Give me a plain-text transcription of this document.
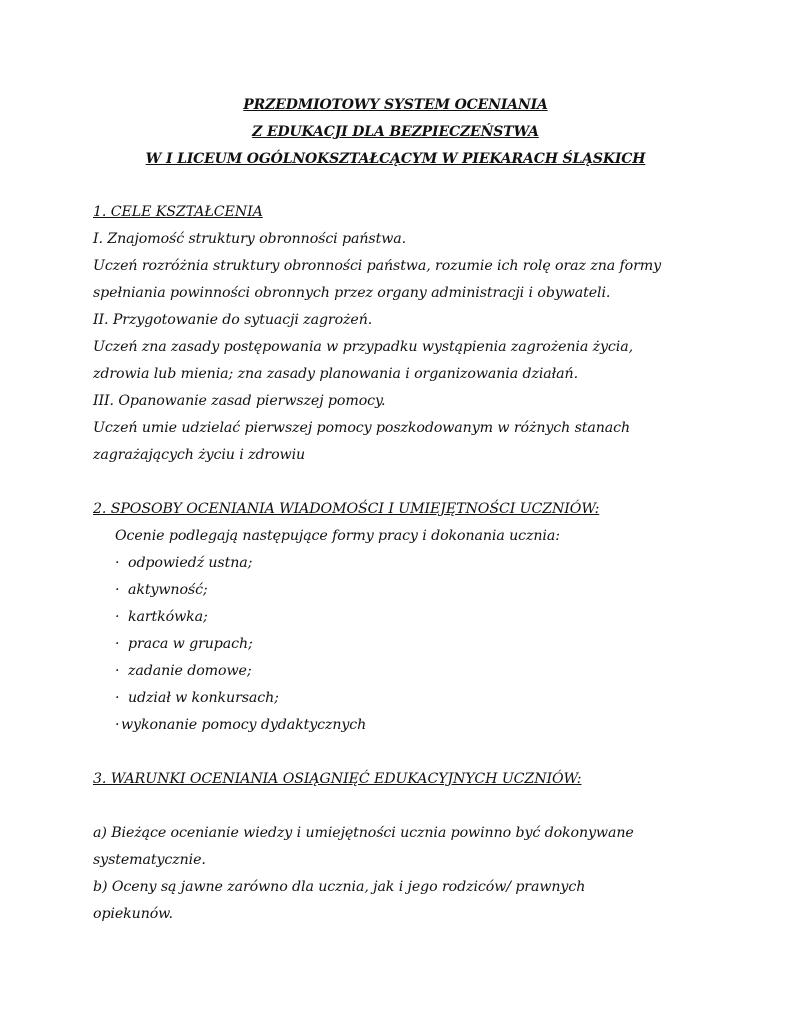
PRZEDMIOTOWY SYSTEM OCENIANIA
Z EDUKACJI DLA BEZPIECZEŃSTWA
W I LICEUM OGÓLNOKSZTAŁCĄCYM W PIEKARACH ŚLĄSKICH
1. CELE KSZTAŁCENIA
I. Znajomość struktury obronności państwa.
Uczeń rozróżnia struktury obronności państwa, rozumie ich rolę oraz zna formy
spełniania powinności obronnych przez organy administracji i obywateli.
II. Przygotowanie do sytuacji zagrożeń.
Uczeń zna zasady postępowania w przypadku wystąpienia zagrożenia życia,
zdrowia lub mienia; zna zasady planowania i organizowania działań.
III. Opanowanie zasad pierwszej pomocy.
Uczeń umie udzielać pierwszej pomocy poszkodowanym w różnych stanach
zagrażających życiu i zdrowiu
2. SPOSOBY OCENIANIA WIADOMOŚCI I UMIEJĘTNOŚCI UCZNIÓW:
Ocenie podlegają następujące formy pracy i dokonania ucznia:
· odpowiedź ustna;
· aktywność;
· kartkówka;
· praca w grupach;
· zadanie domowe;
· udział w konkursach;
· wykonanie pomocy dydaktycznych
3. WARUNKI OCENIANIA OSIĄGNIĘĆ EDUKACYJNYCH UCZNIÓW:
a) Bieżące ocenianie wiedzy i umiejętności ucznia powinno być dokonywane
systematycznie.
b) Oceny są jawne zarówno dla ucznia, jak i jego rodziców/ prawnych
opiekunów.
